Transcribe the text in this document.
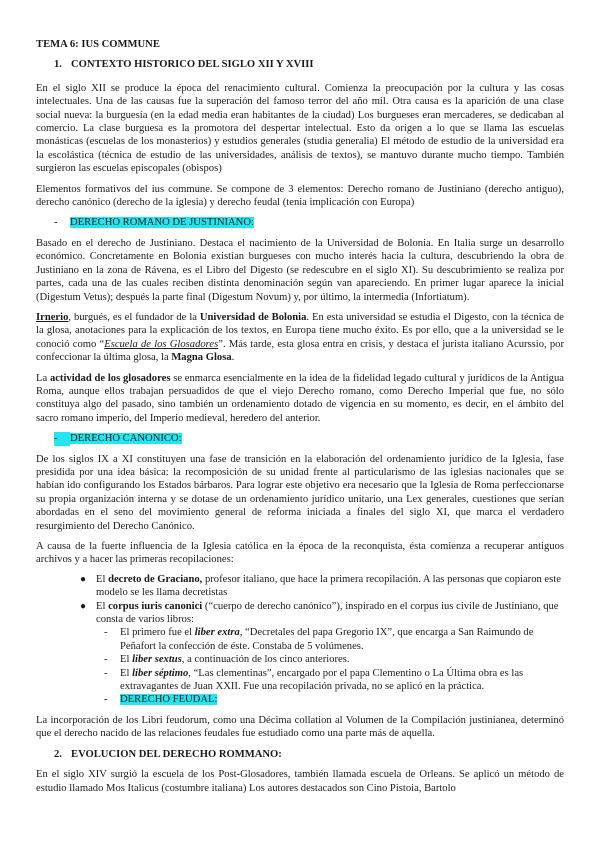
TEMA 6: IUS COMMUNE

1. CONTEXTO HISTORICO DEL SIGLO XII Y XVIII

En el siglo XII se produce la época del renacimiento cultural. Comienza la preocupación por la cultura y las cosas intelectuales. Una de las causas fue la superación del famoso terror del año mil. Otra causa es la aparición de una clase social nueva: la burguesía (en la edad media eran habitantes de la ciudad) Los burgueses eran mercaderes, se dedicaban al comercio. La clase burguesa es la promotora del despertar intelectual. Esto da origen a lo que se llama las escuelas monásticas (escuelas de los monasterios) y estudios generales (studia generalia) El método de estudio de la universidad era la escolástica (técnica de estudio de las universidades, análisis de textos), se mantuvo durante mucho tiempo. También surgieron las escuelas episcopales (obispos)

Elementos formativos del ius commune. Se compone de 3 elementos: Derecho romano de Justiniano (derecho antiguo), derecho canónico (derecho de la iglesia) y derecho feudal (tenia implicación con Europa)

- DERECHO ROMANO DE JUSTINIANO:

Basado en el derecho de Justiniano. Destaca el nacimiento de la Universidad de Bolonia. En Italia surge un desarrollo económico. Concretamente en Bolonia existían burgueses con mucho interés hacia la cultura, descubriendo la obra de Justiniano en la zona de Rávena, es el Libro del Digesto (se redescubre en el siglo XI). Su descubrimiento se realiza por partes, cada una de las cuales reciben distinta denominación según van apareciendo. En primer lugar aparece la inicial (Digestum Vetus); después la parte final (Digestum Novum) y, por último, la intermedia (Infortiatum).

Irnerio, burgués, es el fundador de la Universidad de Bolonia. En esta universidad se estudia el Digesto, con la técnica de la glosa, anotaciones para la explicación de los textos, en Europa tiene mucho éxito. Es por ello, que a la universidad se le conoció como “Escuela de los Glosadores”. Más tarde, esta glosa entra en crisis, y destaca el jurista italiano Acurssio, por confeccionar la última glosa, la Magna Glosa.

La actividad de los glosadores se enmarca esencialmente en la idea de la fidelidad legado cultural y jurídicos de la Antigua Roma, aunque ellos trabajan persuadidos de que el viejo Derecho romano, como Derecho Imperial que fue, no sólo constituya algo del pasado, sino también un ordenamiento dotado de vigencia en su momento, es decir, en el ámbito del sacro romano imperio, del Imperio medieval, heredero del anterior.

- DERECHO CANONICO:

De los siglos IX a XI constituyen una fase de transición en la elaboración del ordenamiento jurídico de la Iglesia, fase presidida por una idea básica: la recomposición de su unidad frente al particularismo de las iglesias nacionales que se habían ido configurando los Estados bárbaros. Para lograr este objetivo era necesario que la Iglesia de Roma perfeccionarse su propia organización interna y se dotase de un ordenamiento jurídico unitario, una Lex generales, cuestiones que serían abordadas en el seno del movimiento general de reforma iniciada a finales del siglo XI, que marca el verdadero resurgimiento del Derecho Canónico.

A causa de la fuerte influencia de la Iglesia católica en la época de la reconquista, ésta comienza a recuperar antiguos archivos y a hacer las primeras recopilaciones:

● El decreto de Graciano, profesor italiano, que hace la primera recopilación. A las personas que copiaron este modelo se les llama decretistas
● El corpus iuris canonici (“cuerpo de derecho canónico”), inspirado en el corpus ius civile de Justiniano, que consta de varios libros:
- El primero fue el liber extra, “Decretales del papa Gregorio IX”, que encarga a San Raimundo de Peñafort la confección de éste. Constaba de 5 volúmenes.
- El liber sextus, a continuación de los cinco anteriores.
- El liber séptimo, “Las clementinas”, encargado por el papa Clementino o La Última obra es las extravagantes de Juan XXII. Fue una recopilación privada, no se aplicó en la práctica.
- DERECHO FEUDAL:

La incorporación de los Libri feudorum, como una Décima collation al Volumen de la Compilación justinianea, determinó que el derecho nacido de las relaciones feudales fue estudiado como una parte más de aquella.

2. EVOLUCION DEL DERECHO ROMMANO:

En el siglo XIV surgió la escuela de los Post-Glosadores, también llamada escuela de Orleans. Se aplicó un método de estudio llamado Mos Italicus (costumbre italiana) Los autores destacados son Cino Pistoia, Bartolo
